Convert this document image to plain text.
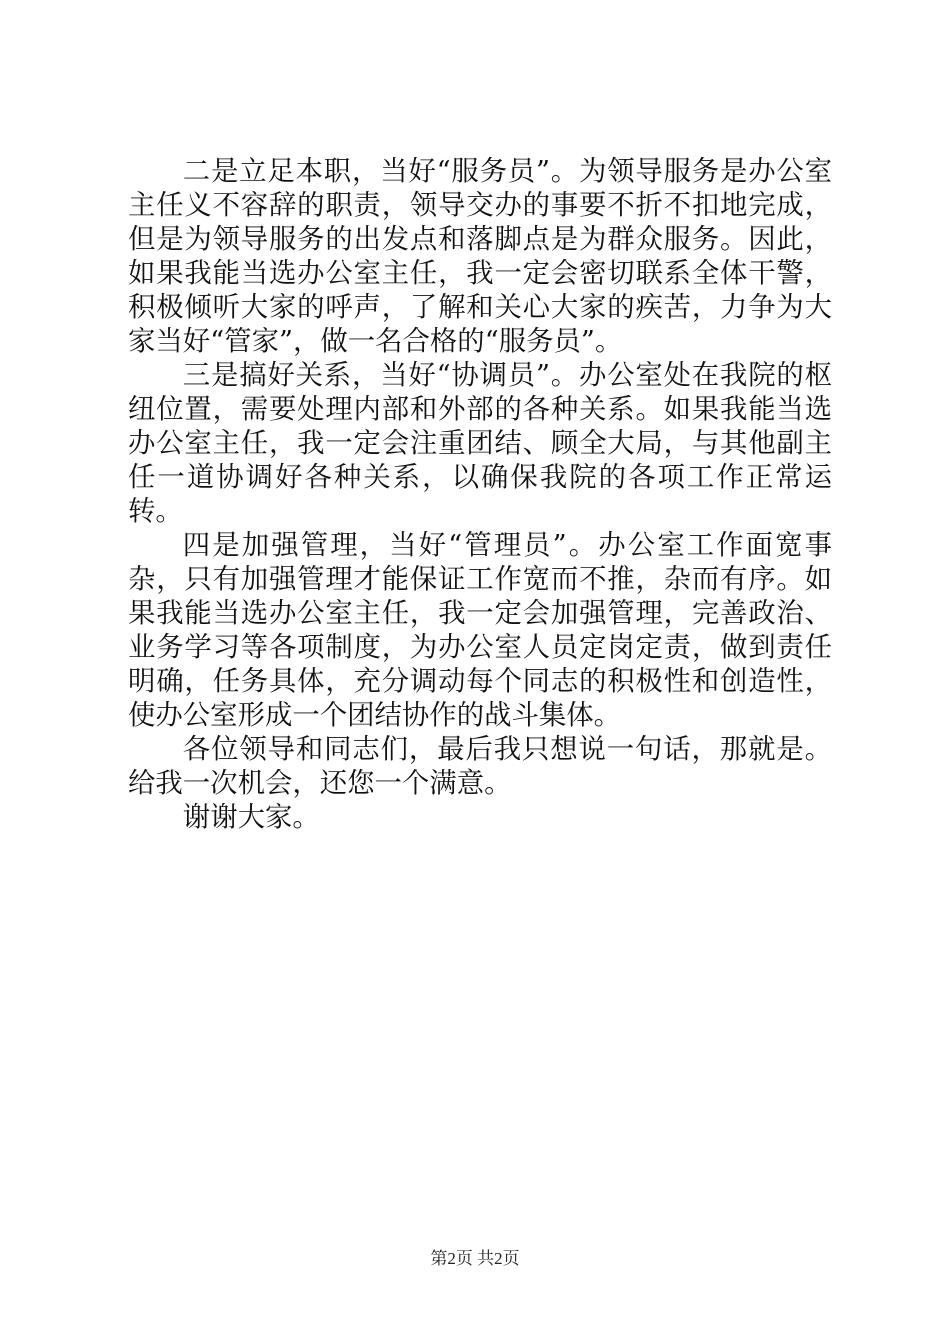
二是立足本职，当好“服务员”。为领导服务是办公室主任义不容辞的职责，领导交办的事要不折不扣地完成，但是为领导服务的出发点和落脚点是为群众服务。因此，如果我能当选办公室主任，我一定会密切联系全体干警，积极倾听大家的呼声，了解和关心大家的疾苦，力争为大家当好“管家”，做一名合格的“服务员”。

三是搞好关系，当好“协调员”。办公室处在我院的枢纽位置，需要处理内部和外部的各种关系。如果我能当选办公室主任，我一定会注重团结、顾全大局，与其他副主任一道协调好各种关系，以确保我院的各项工作正常运转。

四是加强管理，当好“管理员”。办公室工作面宽事杂，只有加强管理才能保证工作宽而不推，杂而有序。如果我能当选办公室主任，我一定会加强管理，完善政治、业务学习等各项制度，为办公室人员定岗定责，做到责任明确，任务具体，充分调动每个同志的积极性和创造性，使办公室形成一个团结协作的战斗集体。

各位领导和同志们，最后我只想说一句话，那就是。给我一次机会，还您一个满意。

谢谢大家。

第2页 共2页
